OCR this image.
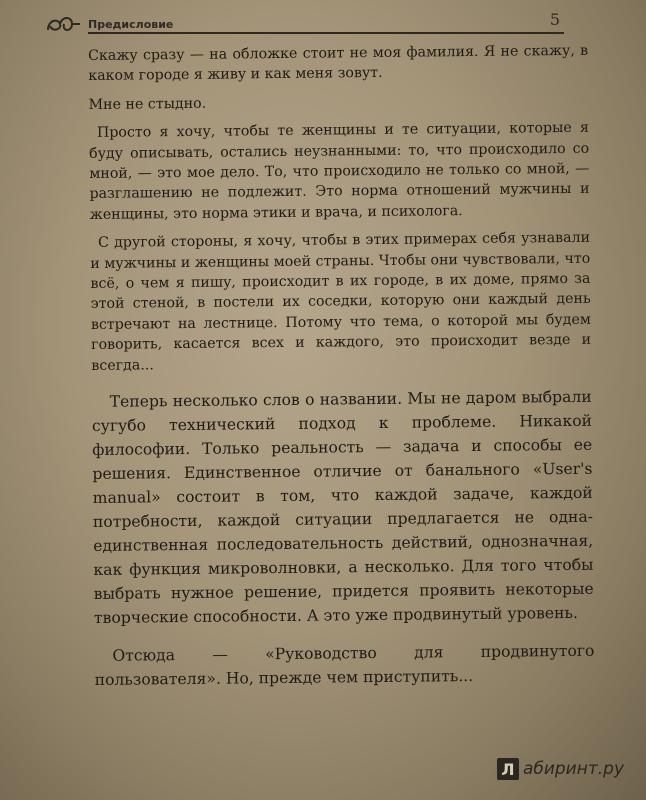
Предисловие	5

Скажу сразу — на обложке стоит не моя фамилия. Я не скажу, в каком городе я живу и как меня зовут.

Мне не стыдно.

Просто я хочу, чтобы те женщины и те ситуации, которые я буду описывать, остались неузнанными: то, что происходило со мной, — это мое дело. То, что происходило не только со мной, — разглашению не подлежит. Это норма отношений мужчины и женщины, это норма этики и врача, и психолога.

С другой стороны, я хочу, чтобы в этих примерах себя узнавали и мужчины и женщины моей страны. Чтобы они чувствовали, что всё, о чем я пишу, происходит в их городе, в их доме, прямо за этой стеной, в постели их соседки, которую они каждый день встречают на лестнице. Потому что тема, о которой мы будем говорить, касается всех и каждого, это происходит везде и всегда...

Теперь несколько слов о названии. Мы не даром выбрали сугубо технический подход к проблеме. Никакой философии. Только реальность — задача и способы ее решения. Единственное отличие от банального «User's manual» состоит в том, что каждой задаче, каждой потребности, каждой ситуации предлагается не одна-единственная последовательность действий, однозначная, как функция микроволновки, а несколько. Для того чтобы выбрать нужное решение, придется проявить некоторые творческие способности. А это уже продвинутый уровень.

Отсюда — «Руководство для продвинутого пользователя». Но, прежде чем приступить...

Л абиринт.ру
